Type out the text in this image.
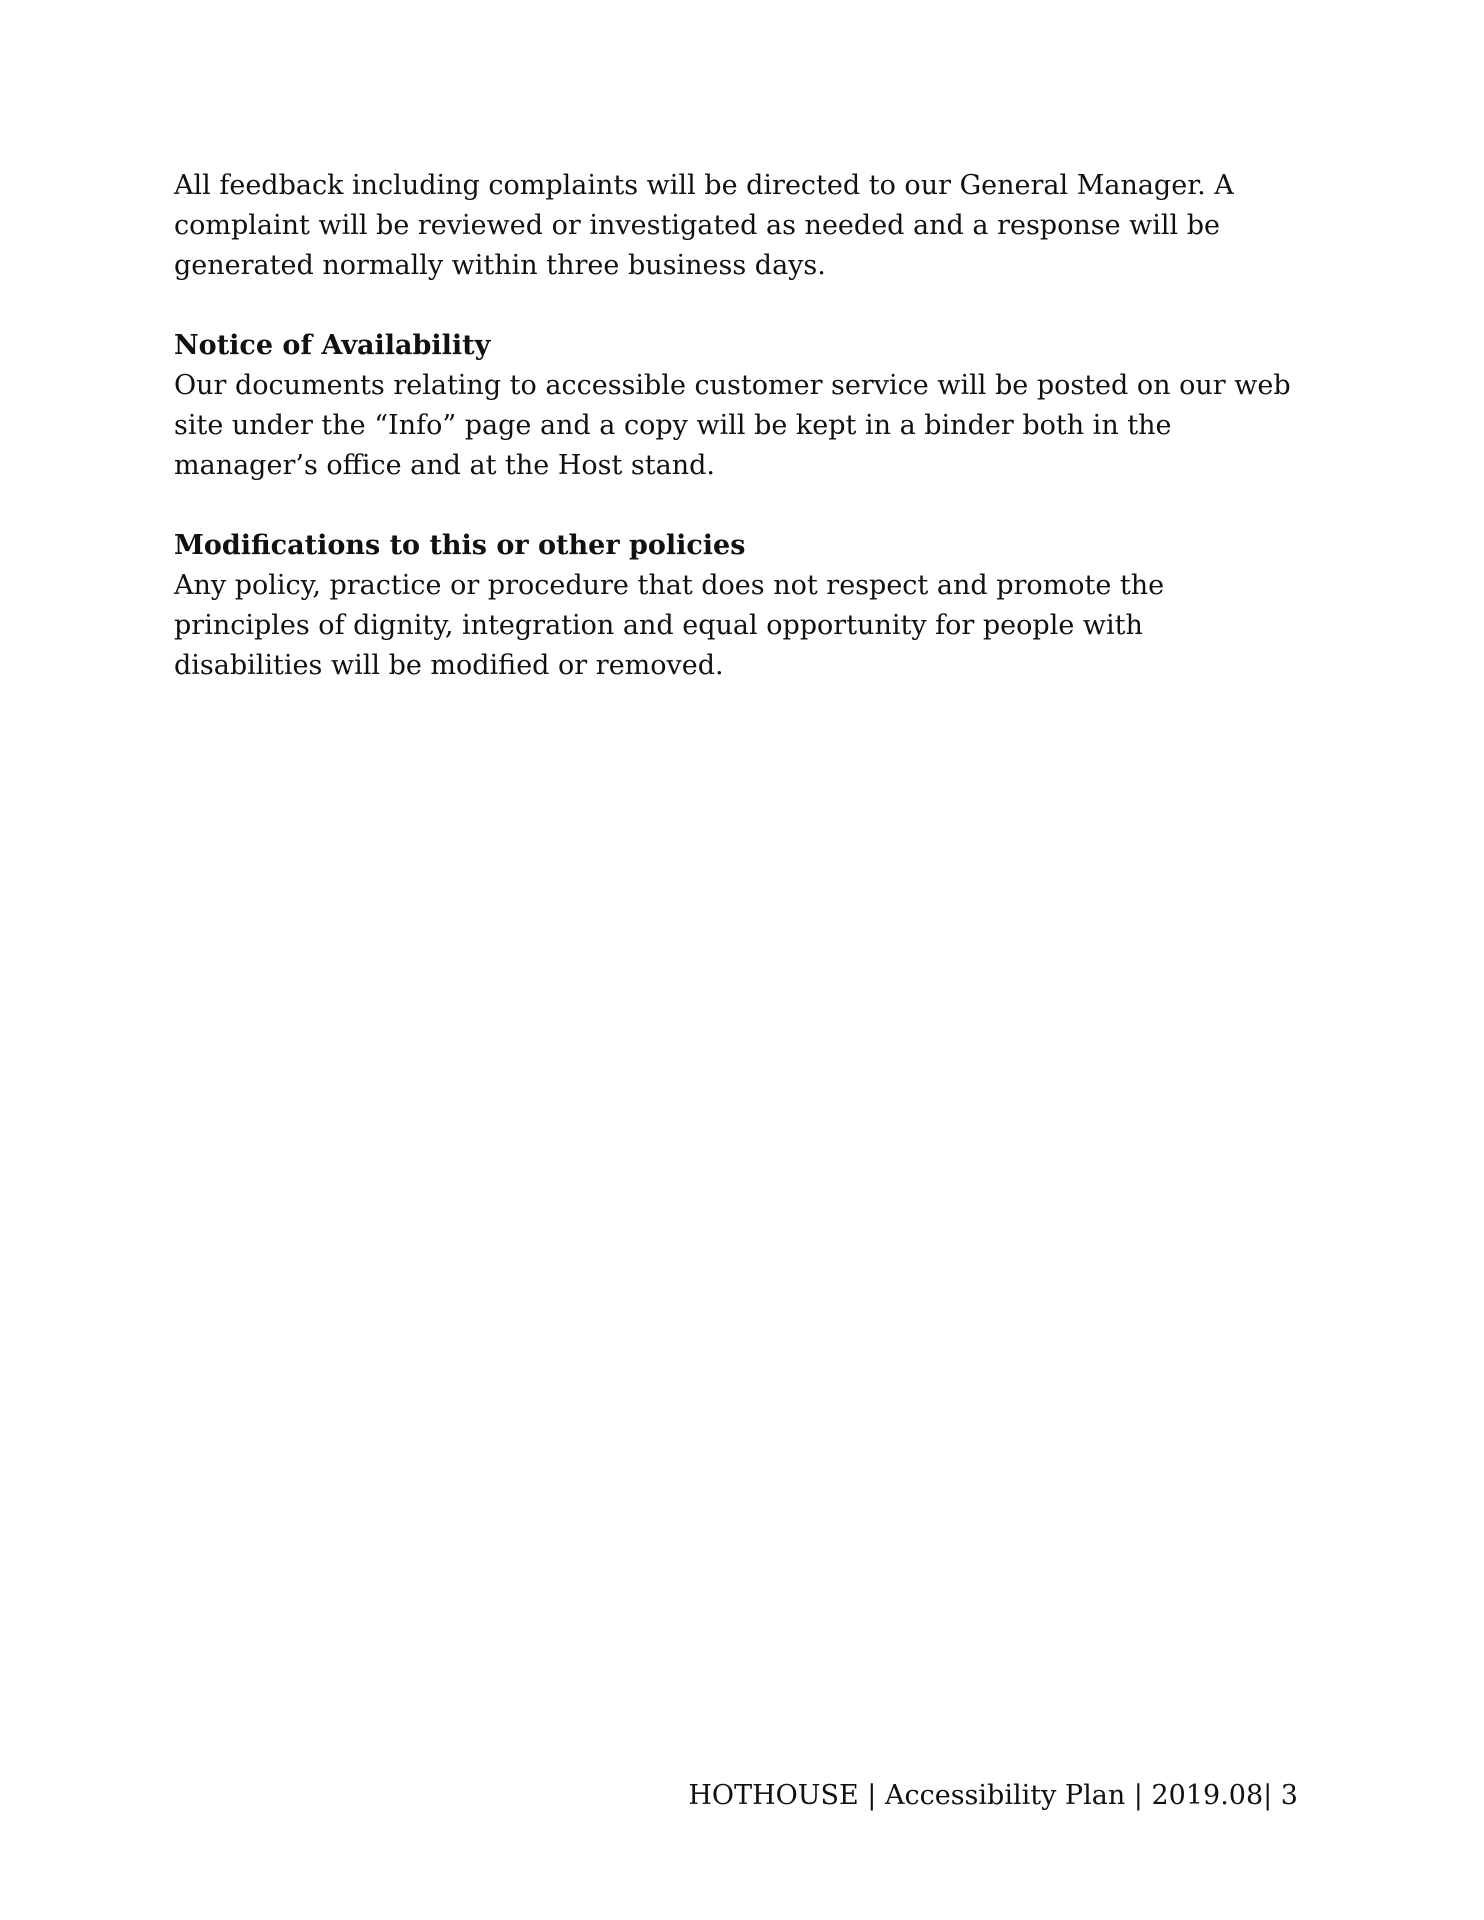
All feedback including complaints will be directed to our General Manager. A complaint will be reviewed or investigated as needed and a response will be generated normally within three business days.

Notice of Availability

Our documents relating to accessible customer service will be posted on our web site under the “Info” page and a copy will be kept in a binder both in the manager’s office and at the Host stand.

Modifications to this or other policies

Any policy, practice or procedure that does not respect and promote the principles of dignity, integration and equal opportunity for people with disabilities will be modified or removed.

HOTHOUSE | Accessibility Plan | 2019.08| 3
